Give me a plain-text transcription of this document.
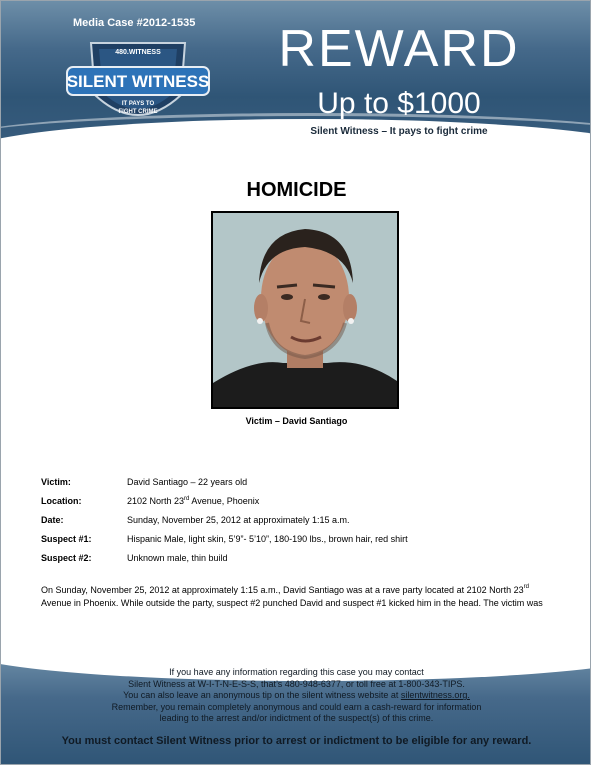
Media Case #2012-1535
480.WITNESS
SILENT WITNESS
IT PAYS TO
FIGHT CRIME
REWARD
Up to $1000
Silent Witness – It pays to fight crime
HOMICIDE
Victim – David Santiago
Victim:	David Santiago – 22 years old
Location:	2102 North 23rd Avenue, Phoenix
Date:	Sunday, November 25, 2012 at approximately 1:15 a.m.
Suspect #1:	Hispanic Male, light skin, 5’9”- 5’10”, 180-190 lbs., brown hair, red shirt
Suspect #2:	Unknown male, thin build
On Sunday, November 25, 2012 at approximately 1:15 a.m., David Santiago was at a rave party located at 2102 North 23rd Avenue in Phoenix. While outside the party, suspect #2 punched David and suspect #1 kicked him in the head. The victim was
If you have any information regarding this case you may contact
Silent Witness at W-I-T-N-E-S-S, that’s 480-948-6377, or toll free at 1-800-343-TIPS.
You can also leave an anonymous tip on the silent witness website at silentwitness.org.
Remember, you remain completely anonymous and could earn a cash-reward for information
leading to the arrest and/or indictment of the suspect(s) of this crime.
You must contact Silent Witness prior to arrest or indictment to be eligible for any reward.
